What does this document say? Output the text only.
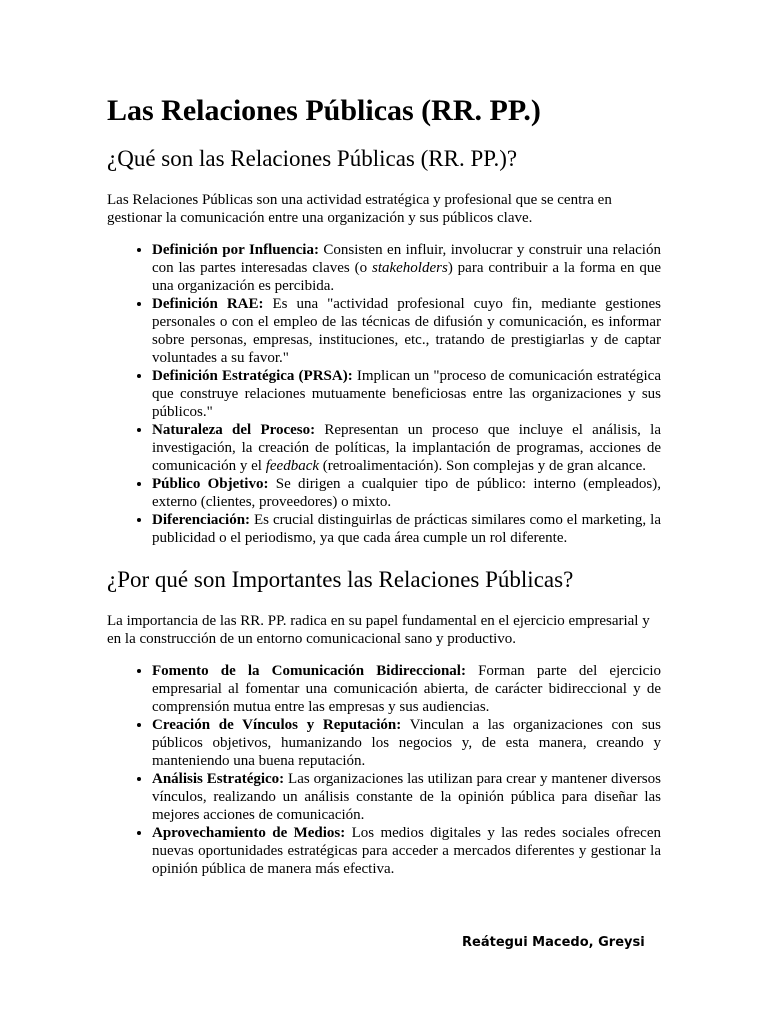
Las Relaciones Públicas (RR. PP.)
¿Qué son las Relaciones Públicas (RR. PP.)?

Las Relaciones Públicas son una actividad estratégica y profesional que se centra en gestionar la comunicación entre una organización y sus públicos clave.

• Definición por Influencia: Consisten en influir, involucrar y construir una relación con las partes interesadas claves (o stakeholders) para contribuir a la forma en que una organización es percibida.
• Definición RAE: Es una "actividad profesional cuyo fin, mediante gestiones personales o con el empleo de las técnicas de difusión y comunicación, es informar sobre personas, empresas, instituciones, etc., tratando de prestigiarlas y de captar voluntades a su favor."
• Definición Estratégica (PRSA): Implican un "proceso de comunicación estratégica que construye relaciones mutuamente beneficiosas entre las organizaciones y sus públicos."
• Naturaleza del Proceso: Representan un proceso que incluye el análisis, la investigación, la creación de políticas, la implantación de programas, acciones de comunicación y el feedback (retroalimentación). Son complejas y de gran alcance.
• Público Objetivo: Se dirigen a cualquier tipo de público: interno (empleados), externo (clientes, proveedores) o mixto.
• Diferenciación: Es crucial distinguirlas de prácticas similares como el marketing, la publicidad o el periodismo, ya que cada área cumple un rol diferente.
¿Por qué son Importantes las Relaciones Públicas?

La importancia de las RR. PP. radica en su papel fundamental en el ejercicio empresarial y en la construcción de un entorno comunicacional sano y productivo.

• Fomento de la Comunicación Bidireccional: Forman parte del ejercicio empresarial al fomentar una comunicación abierta, de carácter bidireccional y de comprensión mutua entre las empresas y sus audiencias.
• Creación de Vínculos y Reputación: Vinculan a las organizaciones con sus públicos objetivos, humanizando los negocios y, de esta manera, creando y manteniendo una buena reputación.
• Análisis Estratégico: Las organizaciones las utilizan para crear y mantener diversos vínculos, realizando un análisis constante de la opinión pública para diseñar las mejores acciones de comunicación.
• Aprovechamiento de Medios: Los medios digitales y las redes sociales ofrecen nuevas oportunidades estratégicas para acceder a mercados diferentes y gestionar la opinión pública de manera más efectiva.
Reátegui Macedo, Greysi
